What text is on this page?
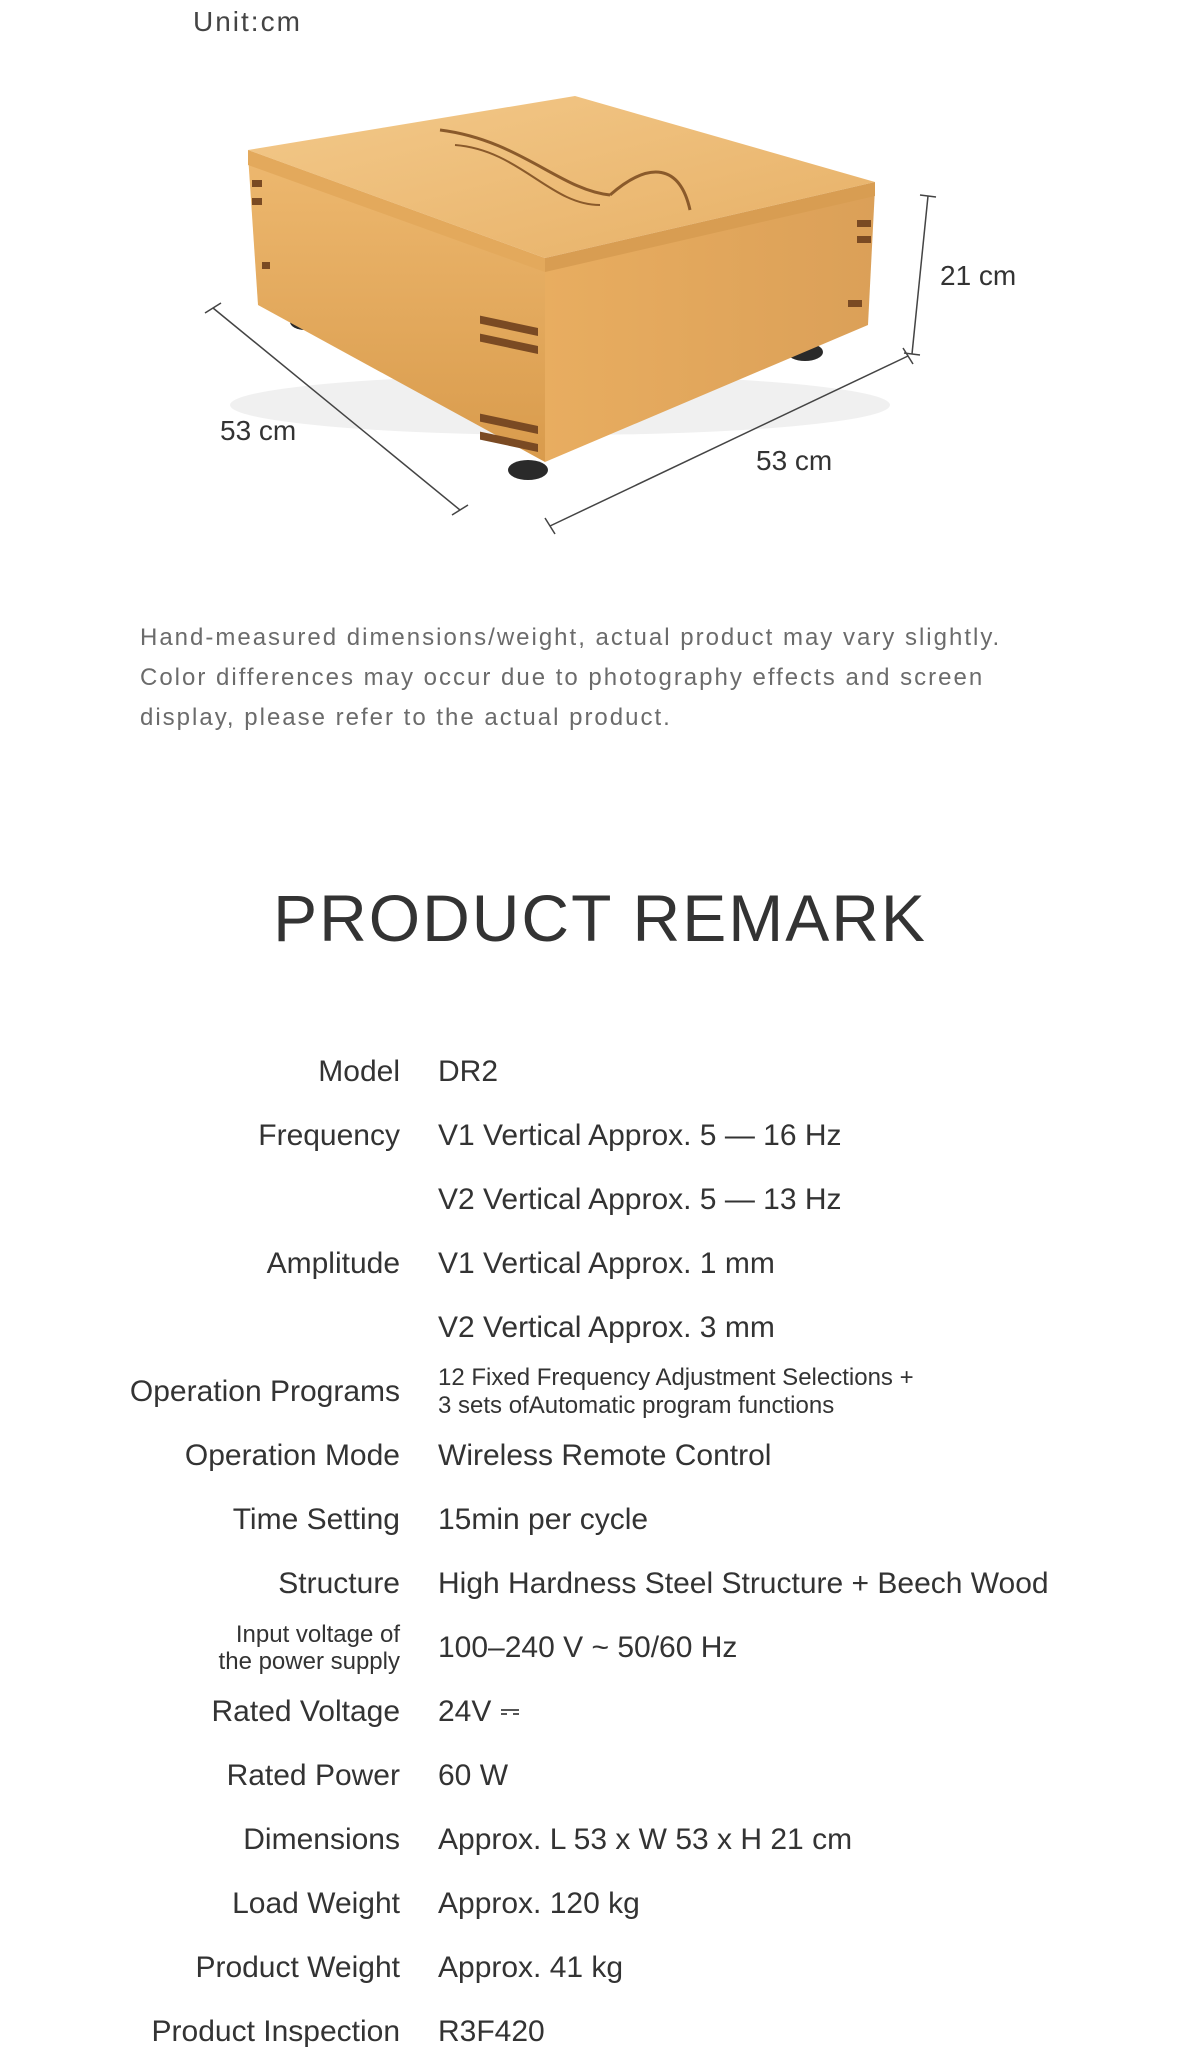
Unit:cm
53 cm
53 cm
21 cm

Hand-measured dimensions/weight, actual product may vary slightly.

Color differences may occur due to photography effects and screen

display, please refer to the actual product.

PRODUCT REMARK
Model DR2
Frequency V1 Vertical Approx. 5 — 16 Hz
V2 Vertical Approx. 5 — 13 Hz
Amplitude V1 Vertical Approx. 1 mm
V2 Vertical Approx. 3 mm
Operation Programs 12 Fixed Frequency Adjustment Selections +
3 sets ofAutomatic program functions
Operation Mode Wireless Remote Control
Time Setting 15min per cycle
Structure High Hardness Steel Structure + Beech Wood
Input voltage of
the power supply 100–240 V ~ 50/60 Hz
Rated Voltage 24V
Rated Power 60 W
Dimensions Approx. L 53 x W 53 x H 21 cm
Load Weight Approx. 120 kg
Product Weight Approx. 41 kg
Product Inspection R3F420
